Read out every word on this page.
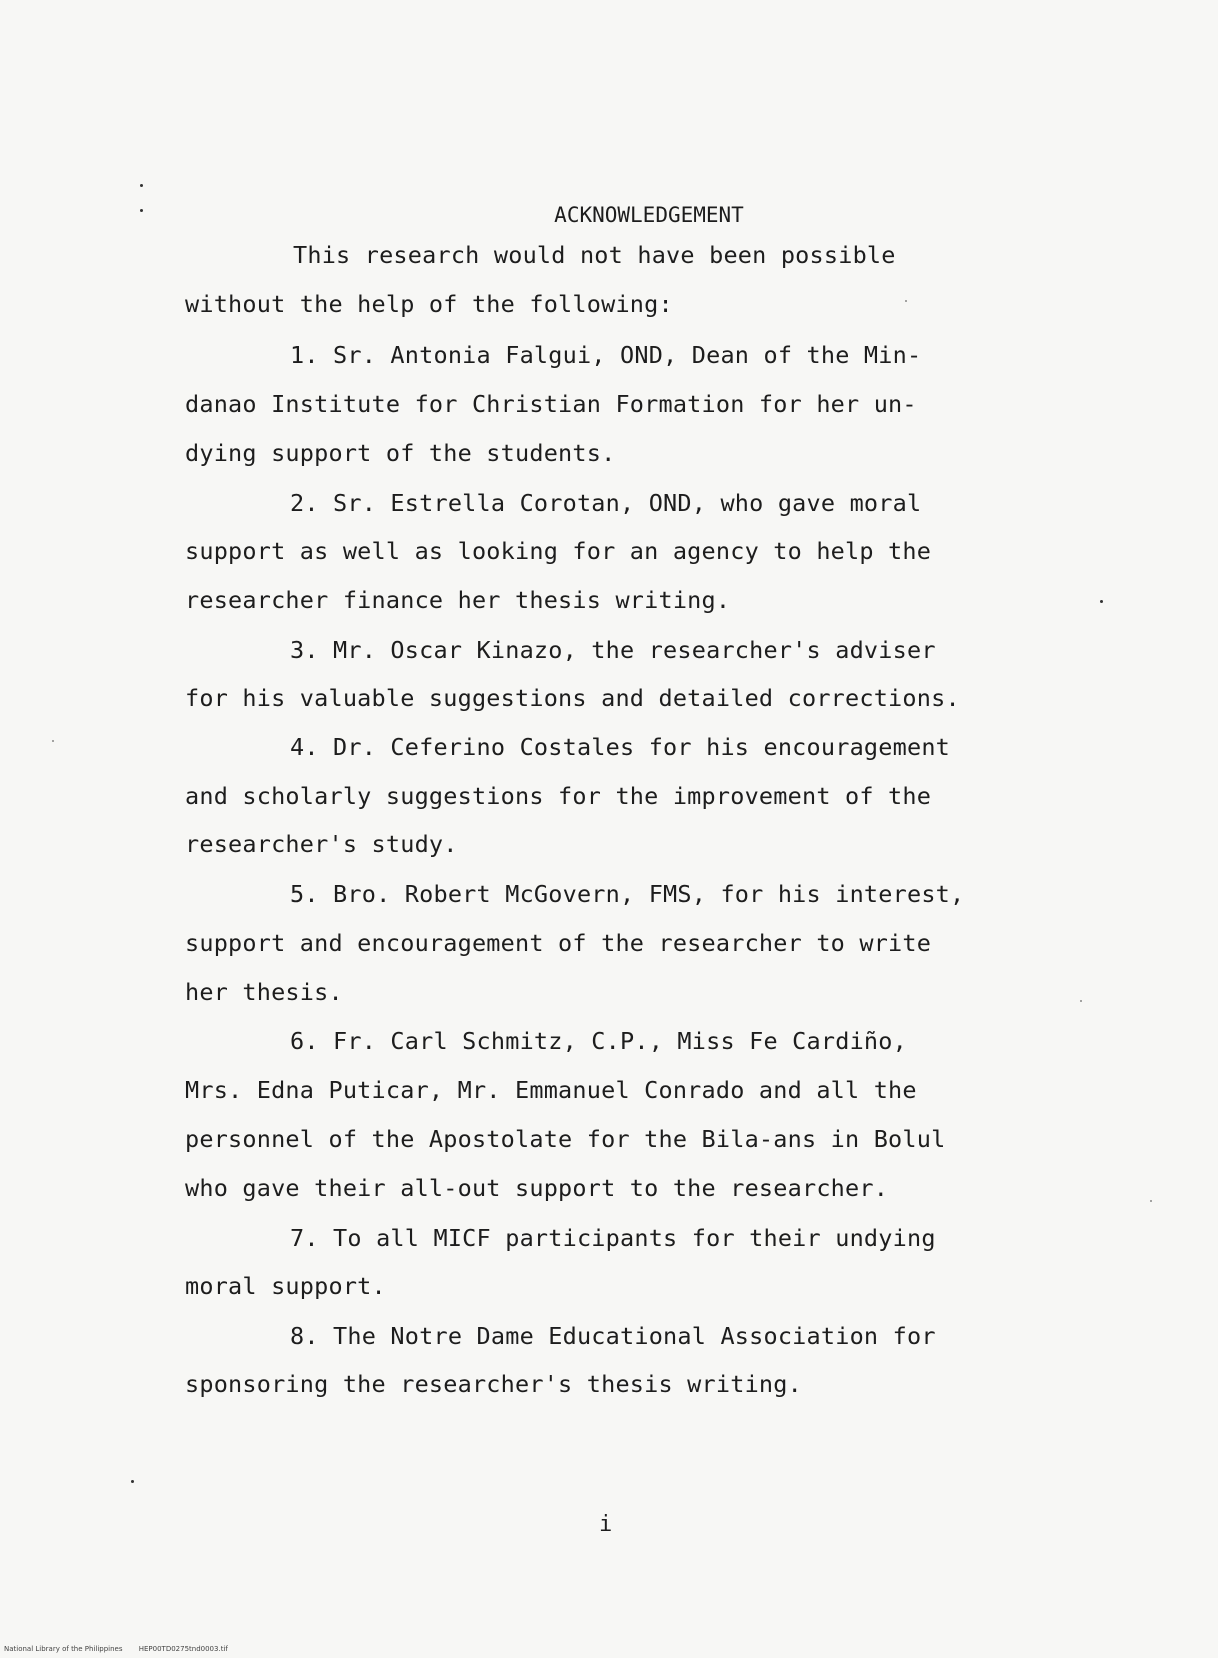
ACKNOWLEDGEMENT
This research would not have been possible
without the help of the following:
1. Sr. Antonia Falgui, OND, Dean of the Min-
danao Institute for Christian Formation for her un-
dying support of the students.
2. Sr. Estrella Corotan, OND, who gave moral
support as well as looking for an agency to help the
researcher finance her thesis writing.
3. Mr. Oscar Kinazo, the researcher's adviser
for his valuable suggestions and detailed corrections.
4. Dr. Ceferino Costales for his encouragement
and scholarly suggestions for the improvement of the
researcher's study.
5. Bro. Robert McGovern, FMS, for his interest,
support and encouragement of the researcher to write
her thesis.
6. Fr. Carl Schmitz, C.P., Miss Fe Cardiño,
Mrs. Edna Puticar, Mr. Emmanuel Conrado and all the
personnel of the Apostolate for the Bila-ans in Bolul
who gave their all-out support to the researcher.
7. To all MICF participants for their undying
moral support.
8. The Notre Dame Educational Association for
sponsoring the researcher's thesis writing.
i
National Library of the Philippines HEP00TD0275tnd0003.tif
